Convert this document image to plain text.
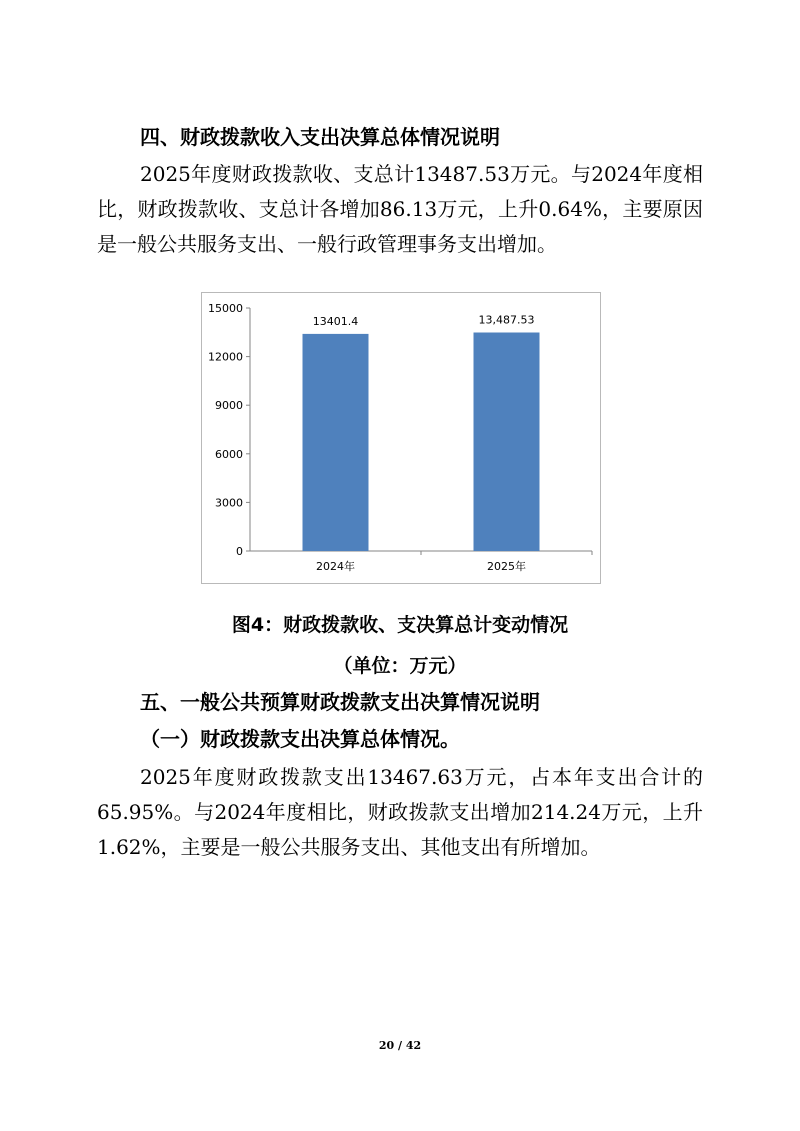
四、财政拨款收入支出决算总体情况说明
2025年度财政拨款收、支总计13487.53万元。与2024年度相比，财政拨款收、支总计各增加86.13万元，上升0.64%，主要原因是一般公共服务支出、一般行政管理事务支出增加。
0
3000
6000
9000
12000
15000
13401.4
2024年
13,487.53
2025年
图4：财政拨款收、支决算总计变动情况
（单位：万元）
五、一般公共预算财政拨款支出决算情况说明
（一）财政拨款支出决算总体情况。
2025年度财政拨款支出13467.63万元，占本年支出合计的65.95%。与2024年度相比，财政拨款支出增加214.24万元，上升1.62%，主要是一般公共服务支出、其他支出有所增加。
20 / 42
